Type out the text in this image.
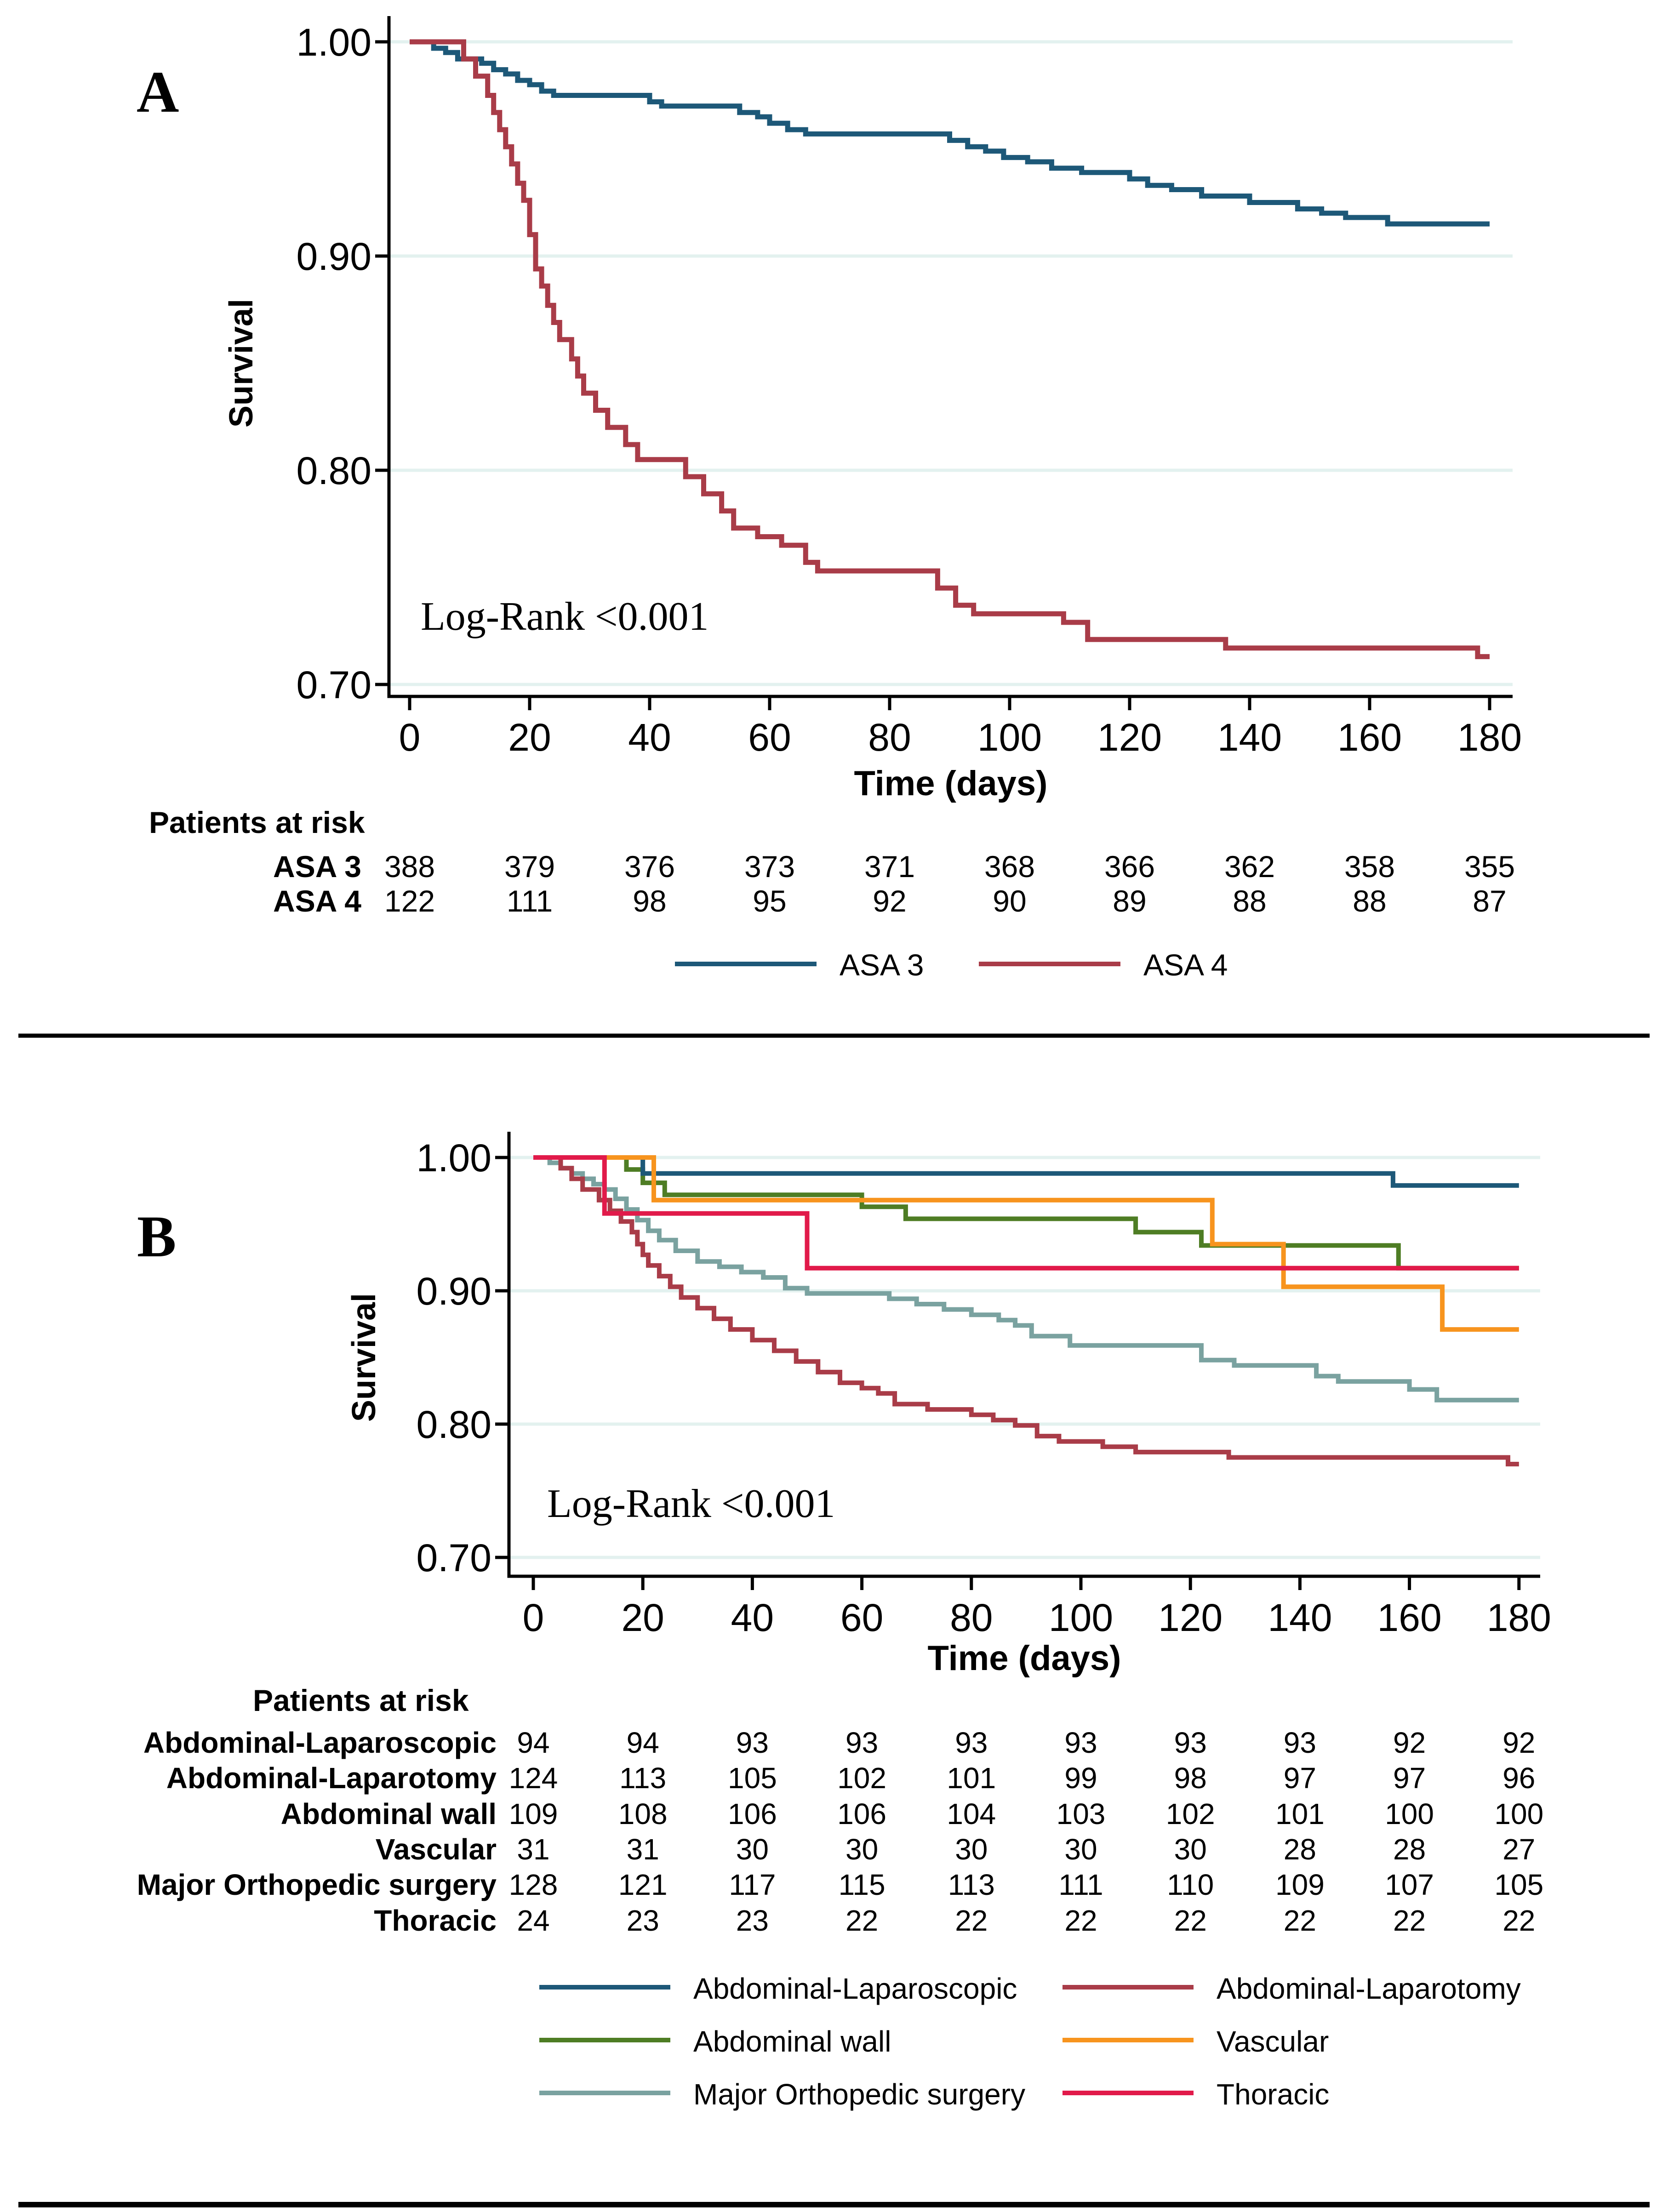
A
1.00
0.90
0.80
0.70
0 20 40 60 80 100 120 140 160 180
Time (days)
Survival
Log-Rank <0.001
Patients at risk
ASA 3 388 379 376 373 371 368 366 362 358 355
ASA 4 122 111	98	95	92	90	89	88	88	87
ASA 3	ASA 4
B
1.00
0.90
0.80
0.70
0 20 40 60 80 100 120 140 160 180
Time (days)
Survival
Log-Rank <0.001
Patients at risk
Abdominal-Laparoscopic 94	94	93	93	93	93	93	93	92	92
Abdominal-Laparotomy 124 113 105 102 101 99	98	97	97	96
Abdominal wall 109 108 106 106 104 103 102 101 100 100
Vascular 31	31	30	30	30	30	30	28	28	27
Major Orthopedic surgery 128 121 117 115 113 111 110 109 107 105
Thoracic 24	23	23	22	22	22	22	22	22	22
Abdominal-Laparoscopic	Abdominal-Laparotomy
Abdominal wall	Vascular
Major Orthopedic surgery	Thoracic
